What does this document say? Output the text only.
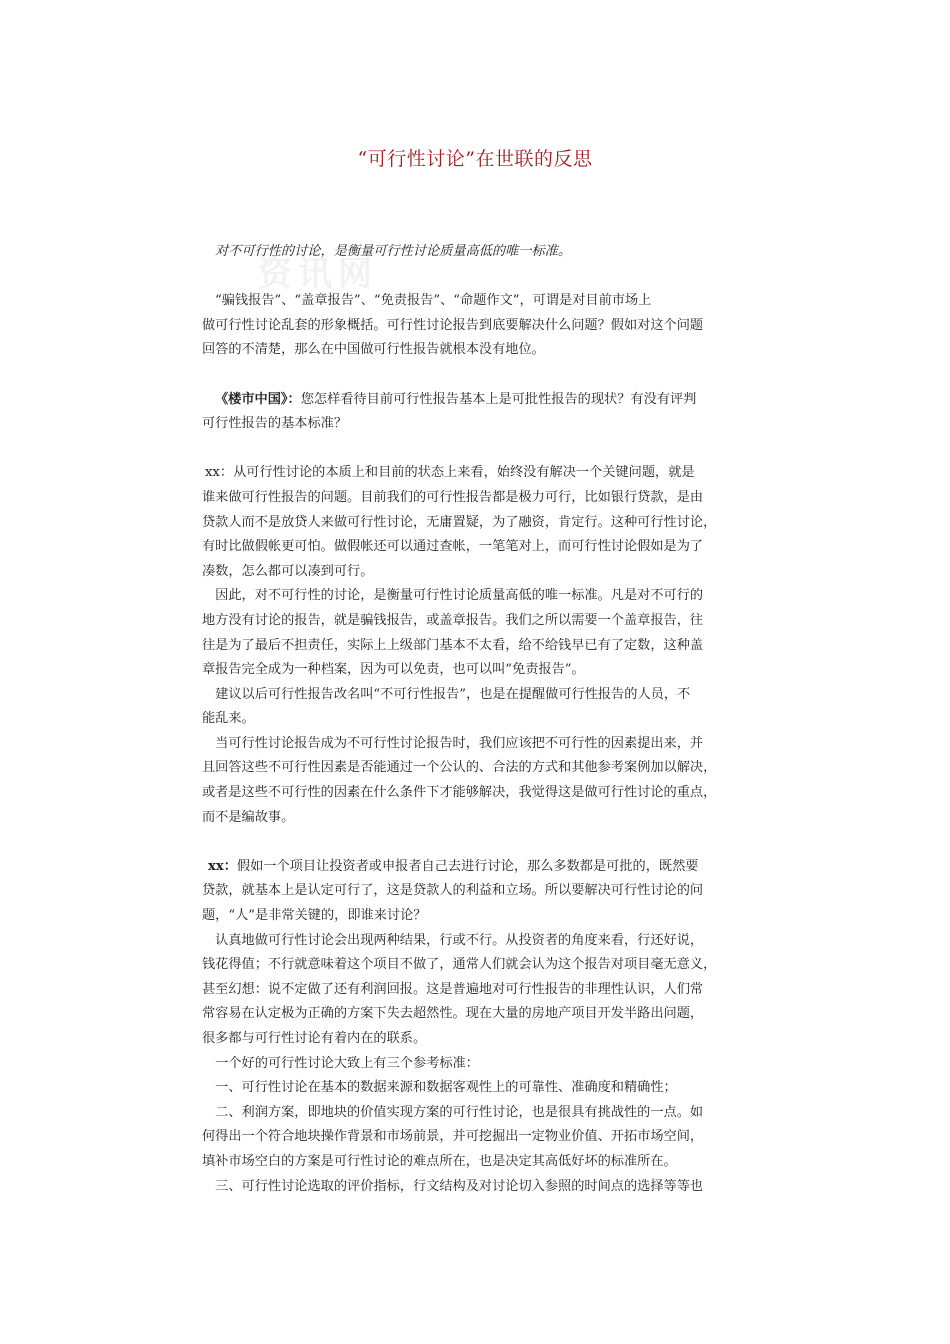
资讯网
“可行性讨论”在世联的反思
对不可行性的讨论，是衡量可行性讨论质量高低的唯一标准。
“骗钱报告”、“盖章报告”、“免责报告”、“命题作文”，可谓是对目前市场上
做可行性讨论乱套的形象概括。可行性讨论报告到底要解决什么问题？假如对这个问题
回答的不清楚，那么在中国做可行性报告就根本没有地位。
《楼市中国》：您怎样看待目前可行性报告基本上是可批性报告的现状？有没有评判
可行性报告的基本标准？
xx：从可行性讨论的本质上和目前的状态上来看，始终没有解决一个关键问题，就是
谁来做可行性报告的问题。目前我们的可行性报告都是极力可行，比如银行贷款，是由
贷款人而不是放贷人来做可行性讨论，无庸置疑，为了融资，肯定行。这种可行性讨论，
有时比做假帐更可怕。做假帐还可以通过查帐，一笔笔对上，而可行性讨论假如是为了
凑数，怎么都可以凑到可行。
　因此，对不可行性的讨论，是衡量可行性讨论质量高低的唯一标准。凡是对不可行的
地方没有讨论的报告，就是骗钱报告，或盖章报告。我们之所以需要一个盖章报告，往
往是为了最后不担责任，实际上上级部门基本不太看，给不给钱早已有了定数，这种盖
章报告完全成为一种档案，因为可以免责，也可以叫“免责报告”。
　建议以后可行性报告改名叫“不可行性报告”，也是在提醒做可行性报告的人员，不
能乱来。
　当可行性讨论报告成为不可行性讨论报告时，我们应该把不可行性的因素提出来，并
且回答这些不可行性因素是否能通过一个公认的、合法的方式和其他参考案例加以解决，
或者是这些不可行性的因素在什么条件下才能够解决，我觉得这是做可行性讨论的重点，
而不是编故事。
xx：假如一个项目让投资者或申报者自己去进行讨论，那么多数都是可批的，既然要
贷款，就基本上是认定可行了，这是贷款人的利益和立场。所以要解决可行性讨论的问
题，“人”是非常关键的，即谁来讨论？
　认真地做可行性讨论会出现两种结果，行或不行。从投资者的角度来看，行还好说，
钱花得值；不行就意味着这个项目不做了，通常人们就会认为这个报告对项目毫无意义，
甚至幻想：说不定做了还有利润回报。这是普遍地对可行性报告的非理性认识，人们常
常容易在认定极为正确的方案下失去超然性。现在大量的房地产项目开发半路出问题，
很多都与可行性讨论有着内在的联系。
　一个好的可行性讨论大致上有三个参考标准：
　一、可行性讨论在基本的数据来源和数据客观性上的可靠性、准确度和精确性；
　二、利润方案，即地块的价值实现方案的可行性讨论，也是很具有挑战性的一点。如
何得出一个符合地块操作背景和市场前景，并可挖掘出一定物业价值、开拓市场空间，
填补市场空白的方案是可行性讨论的难点所在，也是决定其高低好坏的标准所在。
　三、可行性讨论选取的评价指标，行文结构及对讨论切入参照的时间点的选择等等也
